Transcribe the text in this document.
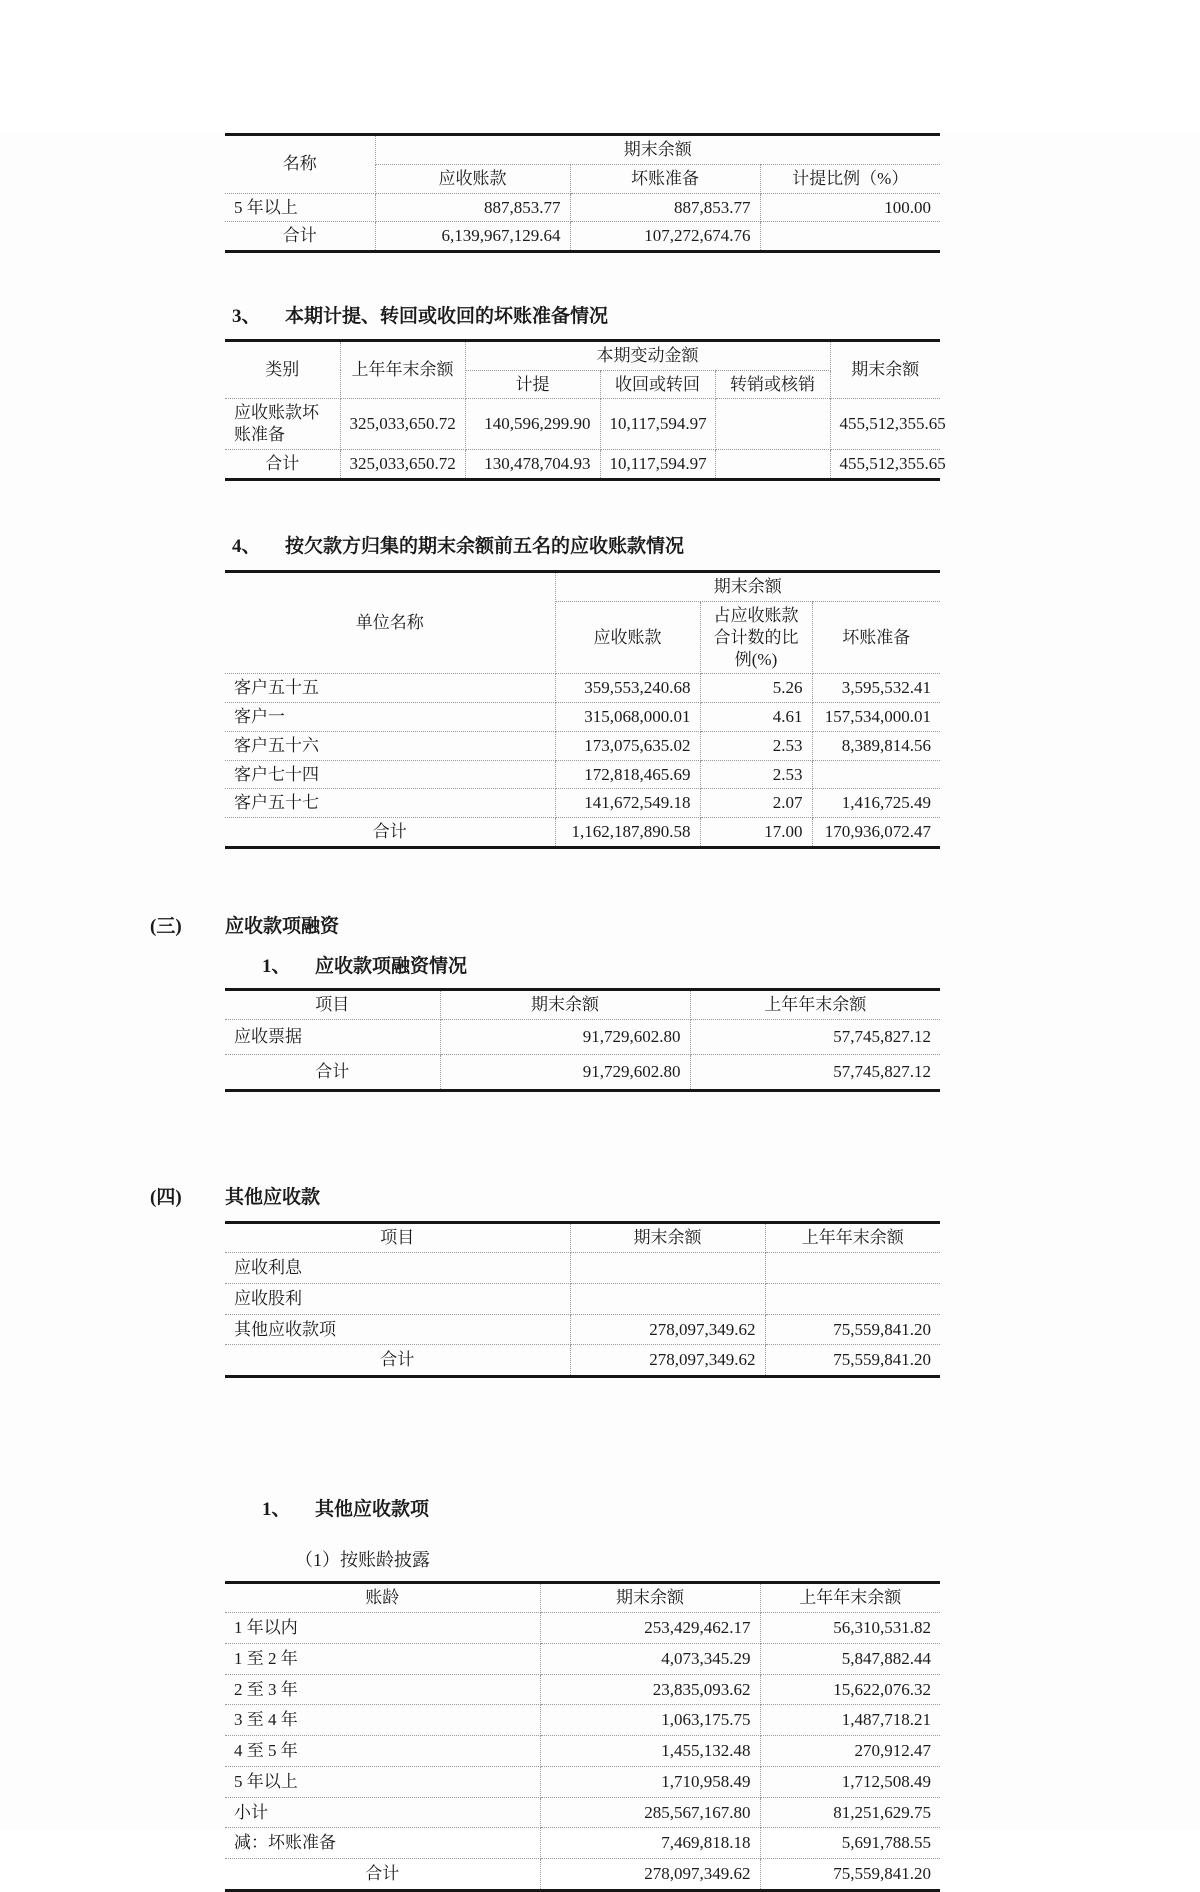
名称	期末余额		
	应收账款	坏账准备	计提比例（%）
5 年以上	887,853.77	887,853.77	100.00
合计	6,139,967,129.64	107,272,674.76	
3、	本期计提、转回或收回的坏账准备情况
类别	上年年末余额	本期变动金额			期末余额
		计提	收回或转回	转销或核销	
应收账款坏账准备	325,033,650.72	140,596,299.90	10,117,594.97		455,512,355.65
合计	325,033,650.72	130,478,704.93	10,117,594.97		455,512,355.65
4、	按欠款方归集的期末余额前五名的应收账款情况
单位名称	期末余额		
	应收账款	占应收账款合计数的比例(%)	坏账准备
客户五十五	359,553,240.68	5.26	3,595,532.41
客户一	315,068,000.01	4.61	157,534,000.01
客户五十六	173,075,635.02	2.53	8,389,814.56
客户七十四	172,818,465.69	2.53	
客户五十七	141,672,549.18	2.07	1,416,725.49
合计	1,162,187,890.58	17.00	170,936,072.47
(三)	应收款项融资
1、	应收款项融资情况
项目	期末余额	上年年末余额
应收票据	91,729,602.80	57,745,827.12
合计	91,729,602.80	57,745,827.12
(四)	其他应收款
项目	期末余额	上年年末余额
应收利息		
应收股利		
其他应收款项	278,097,349.62	75,559,841.20
合计	278,097,349.62	75,559,841.20
1、	其他应收款项
（1）按账龄披露
账龄	期末余额	上年年末余额
1 年以内	253,429,462.17	56,310,531.82
1 至 2 年	4,073,345.29	5,847,882.44
2 至 3 年	23,835,093.62	15,622,076.32
3 至 4 年	1,063,175.75	1,487,718.21
4 至 5 年	1,455,132.48	270,912.47
5 年以上	1,710,958.49	1,712,508.49
小计	285,567,167.80	81,251,629.75
减：坏账准备	7,469,818.18	5,691,788.55
合计	278,097,349.62	75,559,841.20
